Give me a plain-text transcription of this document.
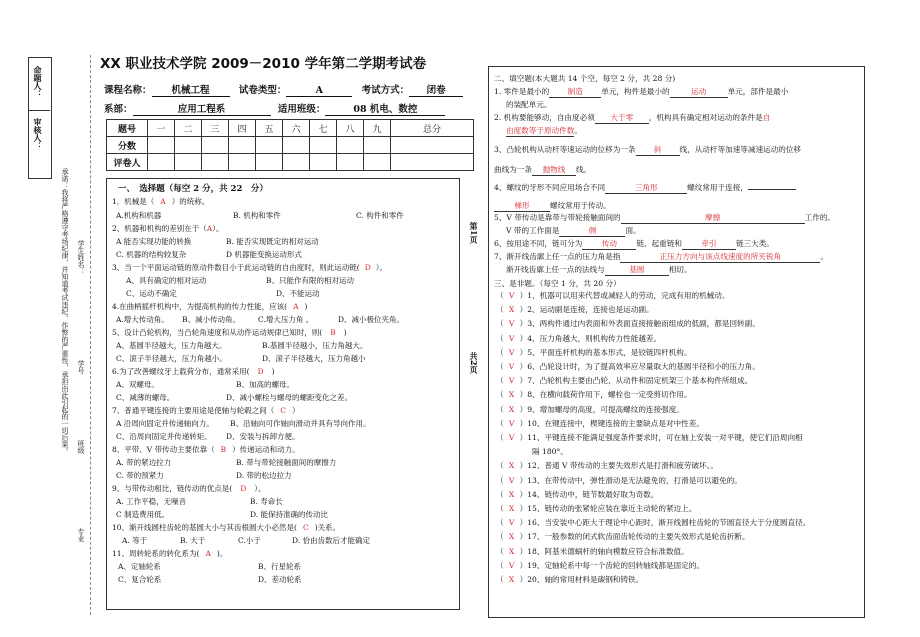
命题人：
审核人：
承诺：我将严格遵守考场纪律，并知道考试违纪、作弊的严重性，承担由此引起的一切后果。 学生姓名：
学号
班级
专业
XX 职业技术学院 2009－2010 学年第二学期考试卷
课程名称： 机械工程	试卷类型：	A	考试方式： 闭卷
系部：	应用工程系	适用班级：	08 机电、数控
题号	一	二	三	四	五	六	七	八	九	总分
分数										
评卷人										
一、　选择题（每空 2 分，共 22　分）
1．机械是（ A ）的统称。
A.机构和机器	B. 机构和零件	C. 构件和零件
2、机器和机构的差别在于（A）。
A 能否实现功能的转换	B. 能否实现既定的相对运动
C. 机器的结构较复杂	D 机器能变换运动形式
3、当一个平面运动链的原动件数目小于此运动链的自由度时，则此运动链( D ）。
A、具有确定的相对运动	B、只能作有限的相对运动
C、运动不确定	D、不能运动
4.在曲柄摇杆机构中，为提高机构的传力性能，应该( A )
A.增大传动角。 B、减小传动角。 C.增大压力角 。	D、减小极位夹角。
5、设计凸轮机构，当凸轮角速度和从动件运动规律已知时，则( B )
A、基圆半径越大，压力角越大。	B.基圆半径越小，压力角越大。
C、滚子半径越大，压力角越小。	D、滚子半径越大，压力角越小
6.为了改善螺纹牙上载荷分布，通常采用( D )
A、双螺母。	B、加高的螺母。
C、减薄的螺母。	D、减小螺栓与螺母的螺距变化之差。
7、普通平键连接的主要用途是使轴与轮毂之间（ C ）
A 沿周向固定并传递轴向力。 B、沿轴向可作轴向滑动并具有导向作用。
C、沿周向固定并传递转矩。 D、安装与拆卸方便。
8、平带、V 带传动主要依靠（ B ）传递运动和动力。
A. 带的紧边拉力	B. 带与带轮接触面间的摩擦力
C. 带的预紧力	D. 带的松边拉力
9、与带传动相比，链传动的优点是( D ）。
A. 工作平稳，无噪音	B. 寿命长
C 制造费用低。	D. 能保持准确的传动比
10、渐开线圆柱齿轮的基圆大小与其齿根圆大小必然是( C )关系。
A. 等于	B. 大于	C.小于	D. 恰由齿数后才能确定
11、周转轮系的转化系为( A )。
A、定轴轮系	B、行星轮系
C、复合轮系	D、差动轮系
第1页
共2页
二、填空题(本大题共 14 个空，每空 2 分，共 28 分)
1. 零件是最小的 制造 单元，构件是最小的	运动	单元，部件是最小
的装配单元。
2. 机构要能够动，自由度必须 大于零 ，机构具有确定相对运动的条件是自
由度数等于原动件数。
3、凸轮机构从动杆等速运动的位移为一条 斜 线，从动杆等加速等减速运动的位移
曲线为一条 抛物线 线。
4、螺纹的牙形不同应用场合不同	三角形	螺纹常用于连接，
梯形	螺纹常用于传动。
5、V 带传动是靠带与带轮接触面间的	摩擦	工作的。
V 带的工作面是	侧	面。
6、按用途不同，链可分为	传动	链、起重链和	牵引	链三大类。
7、渐开线齿廓上任一点的压力角是指	正压力方向与该点线速度的所夹锐角	。
渐开线齿廓上任一点的法线与	基圆	相切。
三、是非题。（每空 1 分，共 20 分）
（ V ）1、机器可以用来代替或减轻人的劳动，完成有用的机械动。
（ X ）2、运动副是连接，连接也是运动副。
（ V ）3、两构件通过内表面和外表面直接接触而组成的低副，都是回转副。
（ V ）4、压力角越大，则机构传力性能越差。
（ V ）5、平面连杆机构的基本形式，是铰链四杆机构。
（ V ）6、凸轮设计时，为了提高效率应尽量取大的基圆半径和小的压力角。
（ V ）7、凸轮机构主要由凸轮、从动件和固定机架三个基本构件所组成。
（ X ）8、在横向载荷作用下，螺栓也一定受剪切作用。
（ X ）9、增加螺母的高度，可提高螺纹的连接强度。
（ V ）10、在键连接中，楔键连接的主要缺点是对中性差。
（ V ）11、平键连接不能满足强度条件要求时，可在轴上安装一对平键，使它们沿周向相
隔 180°。
（ X ）12、普通 V 带传动的主要失效形式是打滑和疲劳破坏。。
（ V ）13、在带传动中，弹性滑动是无法避免的，打滑是可以避免的。
（ X ）14、链传动中，链节数最好取为奇数。
（ X ）15、链传动的张紧轮应装在靠近主动轮的紧边上。
（ V ）16、当安装中心距大于理论中心距时，渐开线圆柱齿轮的节圆直径大于分度圆直径。
（ X ）17、一般参数的闭式软齿面齿轮传动的主要失效形式是轮齿折断。
（ X ）18、阿基米德蜗杆的轴向模数应符合标准数值。
（ V ）19、定轴轮系中每一个齿轮的回转轴线都是固定的。
（ X ）20、轴的常用材料是碳钢和铸铁。
